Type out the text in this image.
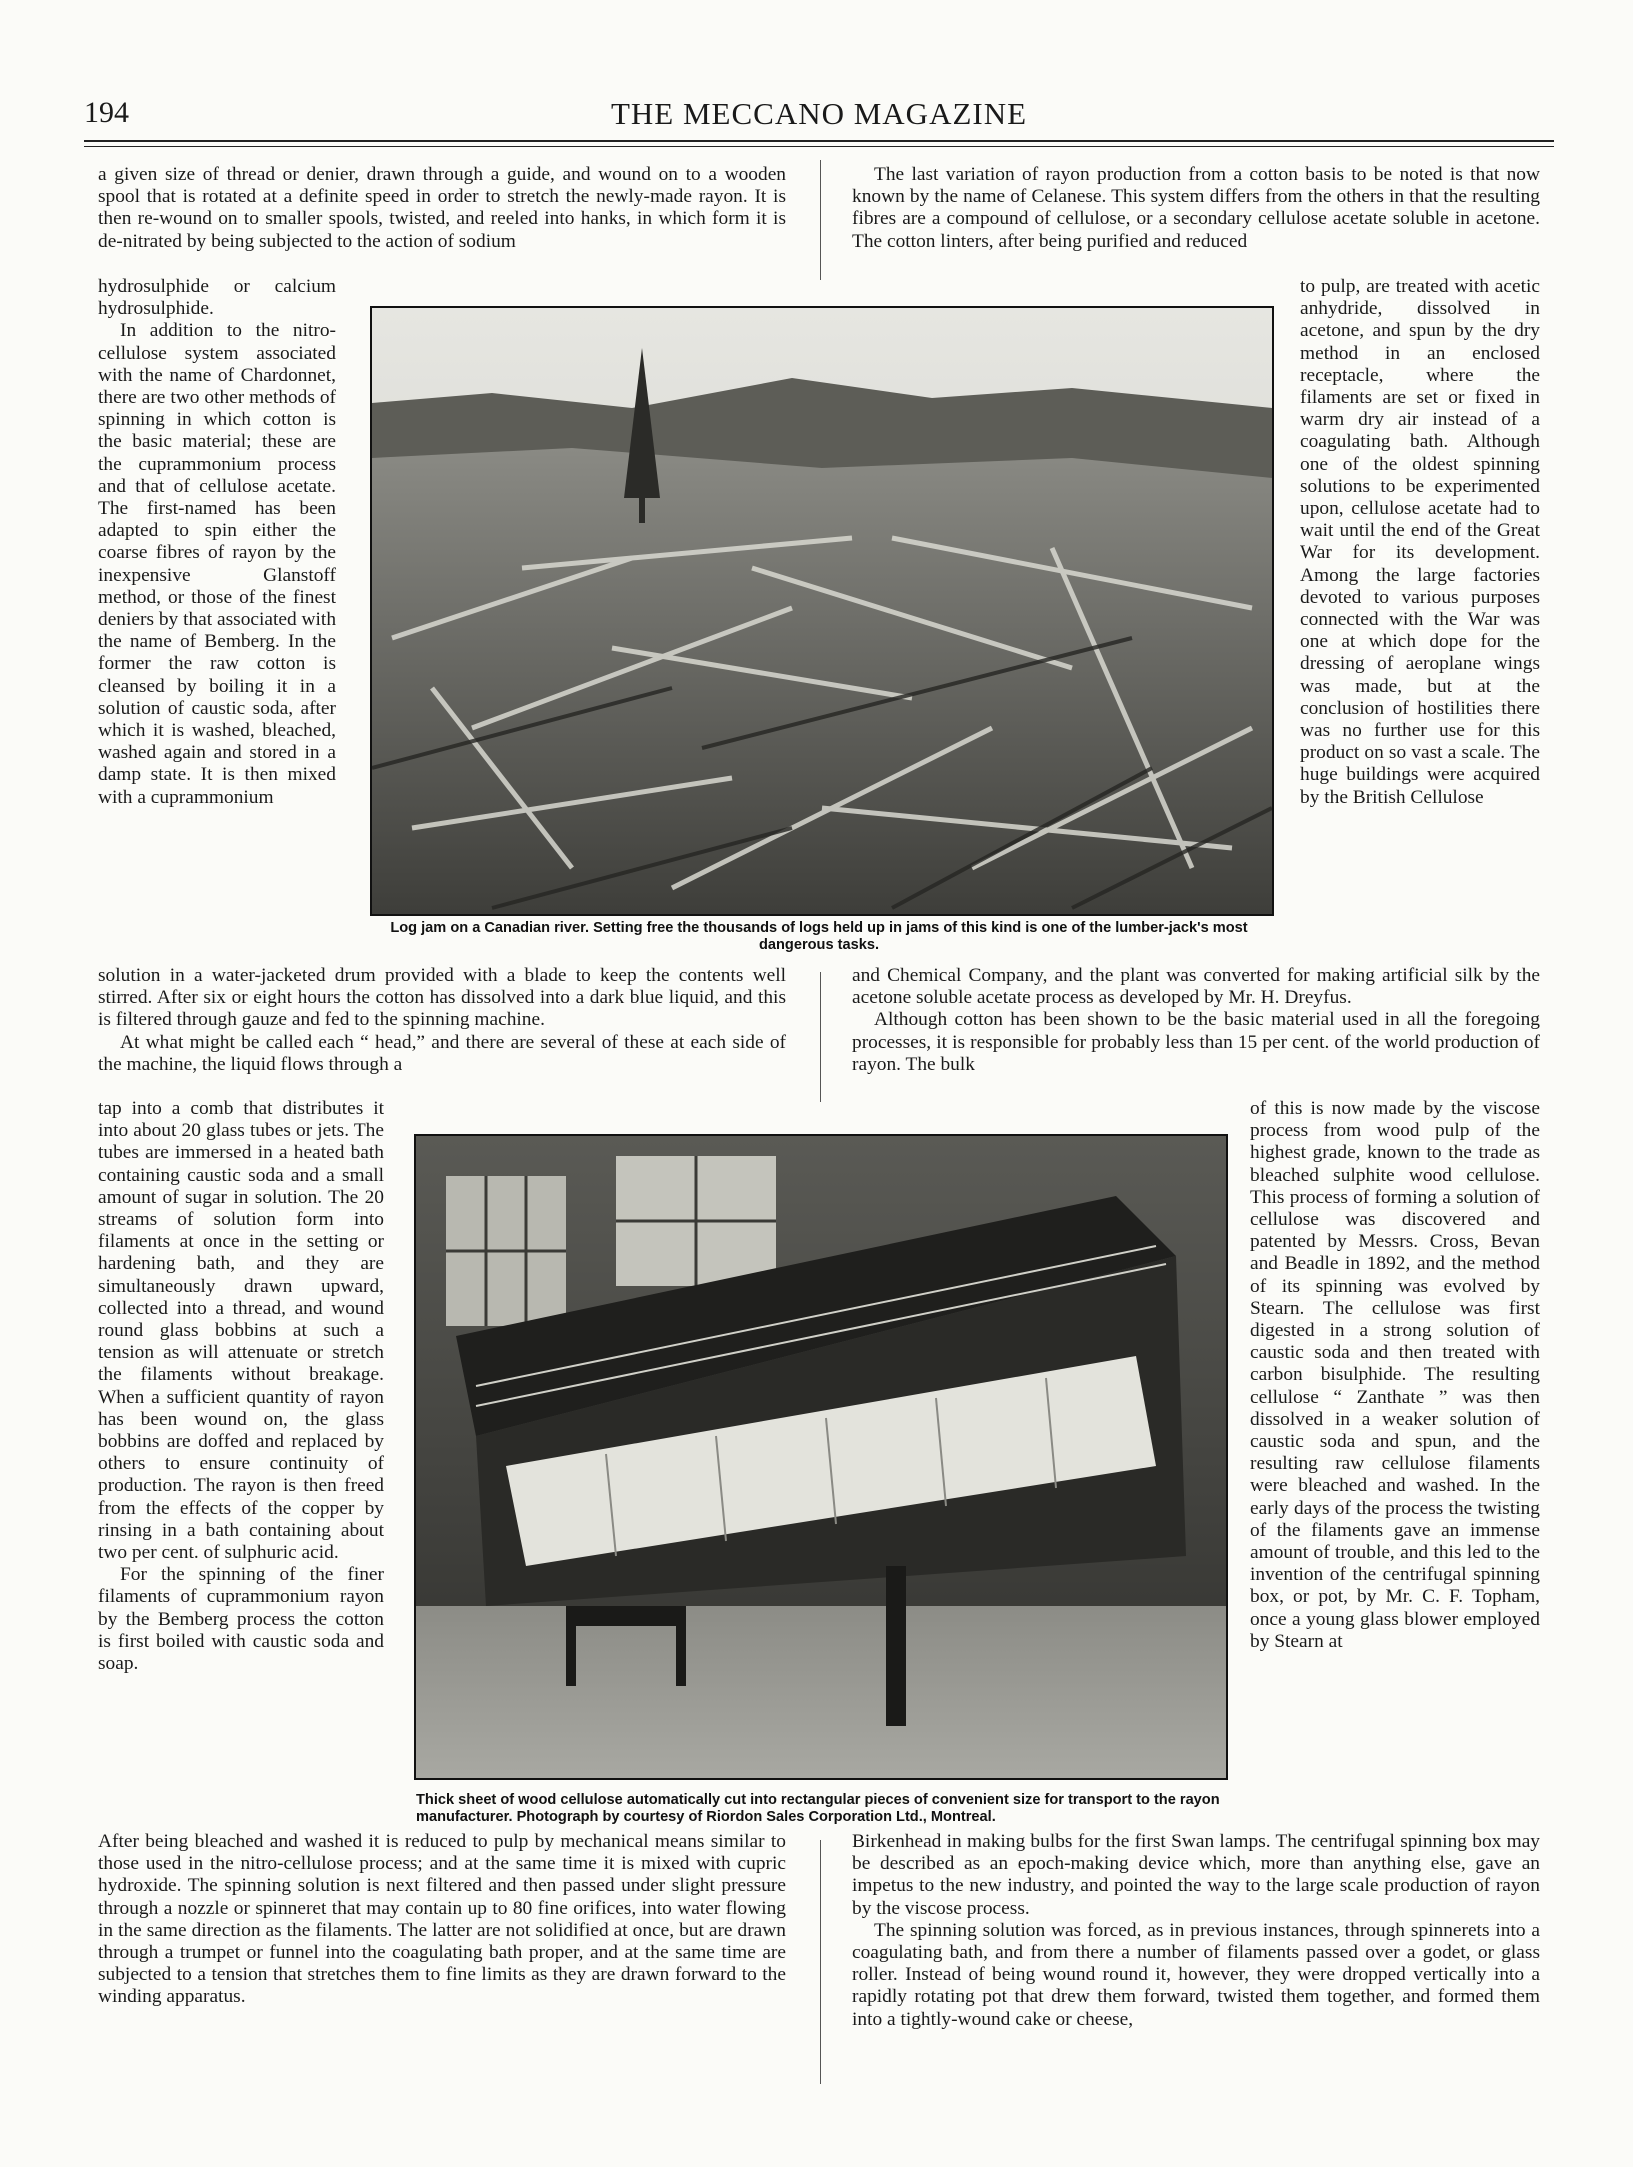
194	THE MECCANO MAGAZINE

a given size of thread or denier, drawn through a guide, and wound on to a wooden spool that is rotated at a definite speed in order to stretch the newly-made rayon. It is then re-wound on to smaller spools, twisted, and reeled into hanks, in which form it is de-nitrated by being subjected to the action of sodium

hydrosulphide or calcium hydrosulphide.

In addition to the nitro-cellulose system associated with the name of Chardonnet, there are two other methods of spinning in which cotton is the basic material; these are the cuprammonium process and that of cellulose acetate. The first-named has been adapted to spin either the coarse fibres of rayon by the inexpensive Glanstoff method, or those of the finest deniers by that associated with the name of Bemberg. In the former the raw cotton is cleansed by boiling it in a solution of caustic soda, after which it is washed, bleached, washed again and stored in a damp state. It is then mixed with a cuprammonium

solution in a water-jacketed drum provided with a blade to keep the contents well stirred. After six or eight hours the cotton has dissolved into a dark blue liquid, and this is filtered through gauze and fed to the spinning machine.

At what might be called each “ head,” and there are several of these at each side of the machine, the liquid flows through a

tap into a comb that distributes it into about 20 glass tubes or jets. The tubes are immersed in a heated bath containing caustic soda and a small amount of sugar in solution. The 20 streams of solution form into filaments at once in the setting or hardening bath, and they are simultaneously drawn upward, collected into a thread, and wound round glass bobbins at such a tension as will attenuate or stretch the filaments without breakage. When a sufficient quantity of rayon has been wound on, the glass bobbins are doffed and replaced by others to ensure continuity of production. The rayon is then freed from the effects of the copper by rinsing in a bath containing about two per cent. of sulphuric acid.

For the spinning of the finer filaments of cuprammonium rayon by the Bemberg process the cotton is first boiled with caustic soda and soap.

After being bleached and washed it is reduced to pulp by mechanical means similar to those used in the nitro-cellulose process; and at the same time it is mixed with cupric hydroxide. The spinning solution is next filtered and then passed under slight pressure through a nozzle or spinneret that may contain up to 80 fine orifices, into water flowing in the same direction as the filaments. The latter are not solidified at once, but are drawn through a trumpet or funnel into the coagulating bath proper, and at the same time are subjected to a tension that stretches them to fine limits as they are drawn forward to the winding apparatus.

The last variation of rayon production from a cotton basis to be noted is that now known by the name of Celanese. This system differs from the others in that the resulting fibres are a compound of cellulose, or a secondary cellulose acetate soluble in acetone. The cotton linters, after being purified and reduced

to pulp, are treated with acetic anhydride, dissolved in acetone, and spun by the dry method in an enclosed receptacle, where the filaments are set or fixed in warm dry air instead of a coagulating bath. Although one of the oldest spinning solutions to be experimented upon, cellulose acetate had to wait until the end of the Great War for its development. Among the large factories devoted to various purposes connected with the War was one at which dope for the dressing of aeroplane wings was made, but at the conclusion of hostilities there was no further use for this product on so vast a scale. The huge buildings were acquired by the British Cellulose

and Chemical Company, and the plant was converted for making artificial silk by the acetone soluble acetate process as developed by Mr. H. Dreyfus.

Although cotton has been shown to be the basic material used in all the foregoing processes, it is responsible for probably less than 15 per cent. of the world production of rayon. The bulk

of this is now made by the viscose process from wood pulp of the highest grade, known to the trade as bleached sulphite wood cellulose. This process of forming a solution of cellulose was discovered and patented by Messrs. Cross, Bevan and Beadle in 1892, and the method of its spinning was evolved by Stearn. The cellulose was first digested in a strong solution of caustic soda and then treated with carbon bisulphide. The resulting cellulose “ Zanthate ” was then dissolved in a weaker solution of caustic soda and spun, and the resulting raw cellulose filaments were bleached and washed. In the early days of the process the twisting of the filaments gave an immense amount of trouble, and this led to the invention of the centrifugal spinning box, or pot, by Mr. C. F. Topham, once a young glass blower employed by Stearn at

Birkenhead in making bulbs for the first Swan lamps. The centrifugal spinning box may be described as an epoch-making device which, more than anything else, gave an impetus to the new industry, and pointed the way to the large scale production of rayon by the viscose process.

The spinning solution was forced, as in previous instances, through spinnerets into a coagulating bath, and from there a number of filaments passed over a godet, or glass roller. Instead of being wound round it, however, they were dropped vertically into a rapidly rotating pot that drew them forward, twisted them together, and formed them into a tightly-wound cake or cheese,

Log jam on a Canadian river. Setting free the thousands of logs held up in jams of this kind is one of the lumber-jack's most dangerous tasks.
Thick sheet of wood cellulose automatically cut into rectangular pieces of convenient size for transport to the rayon manufacturer. Photograph by courtesy of Riordon Sales Corporation Ltd., Montreal.
